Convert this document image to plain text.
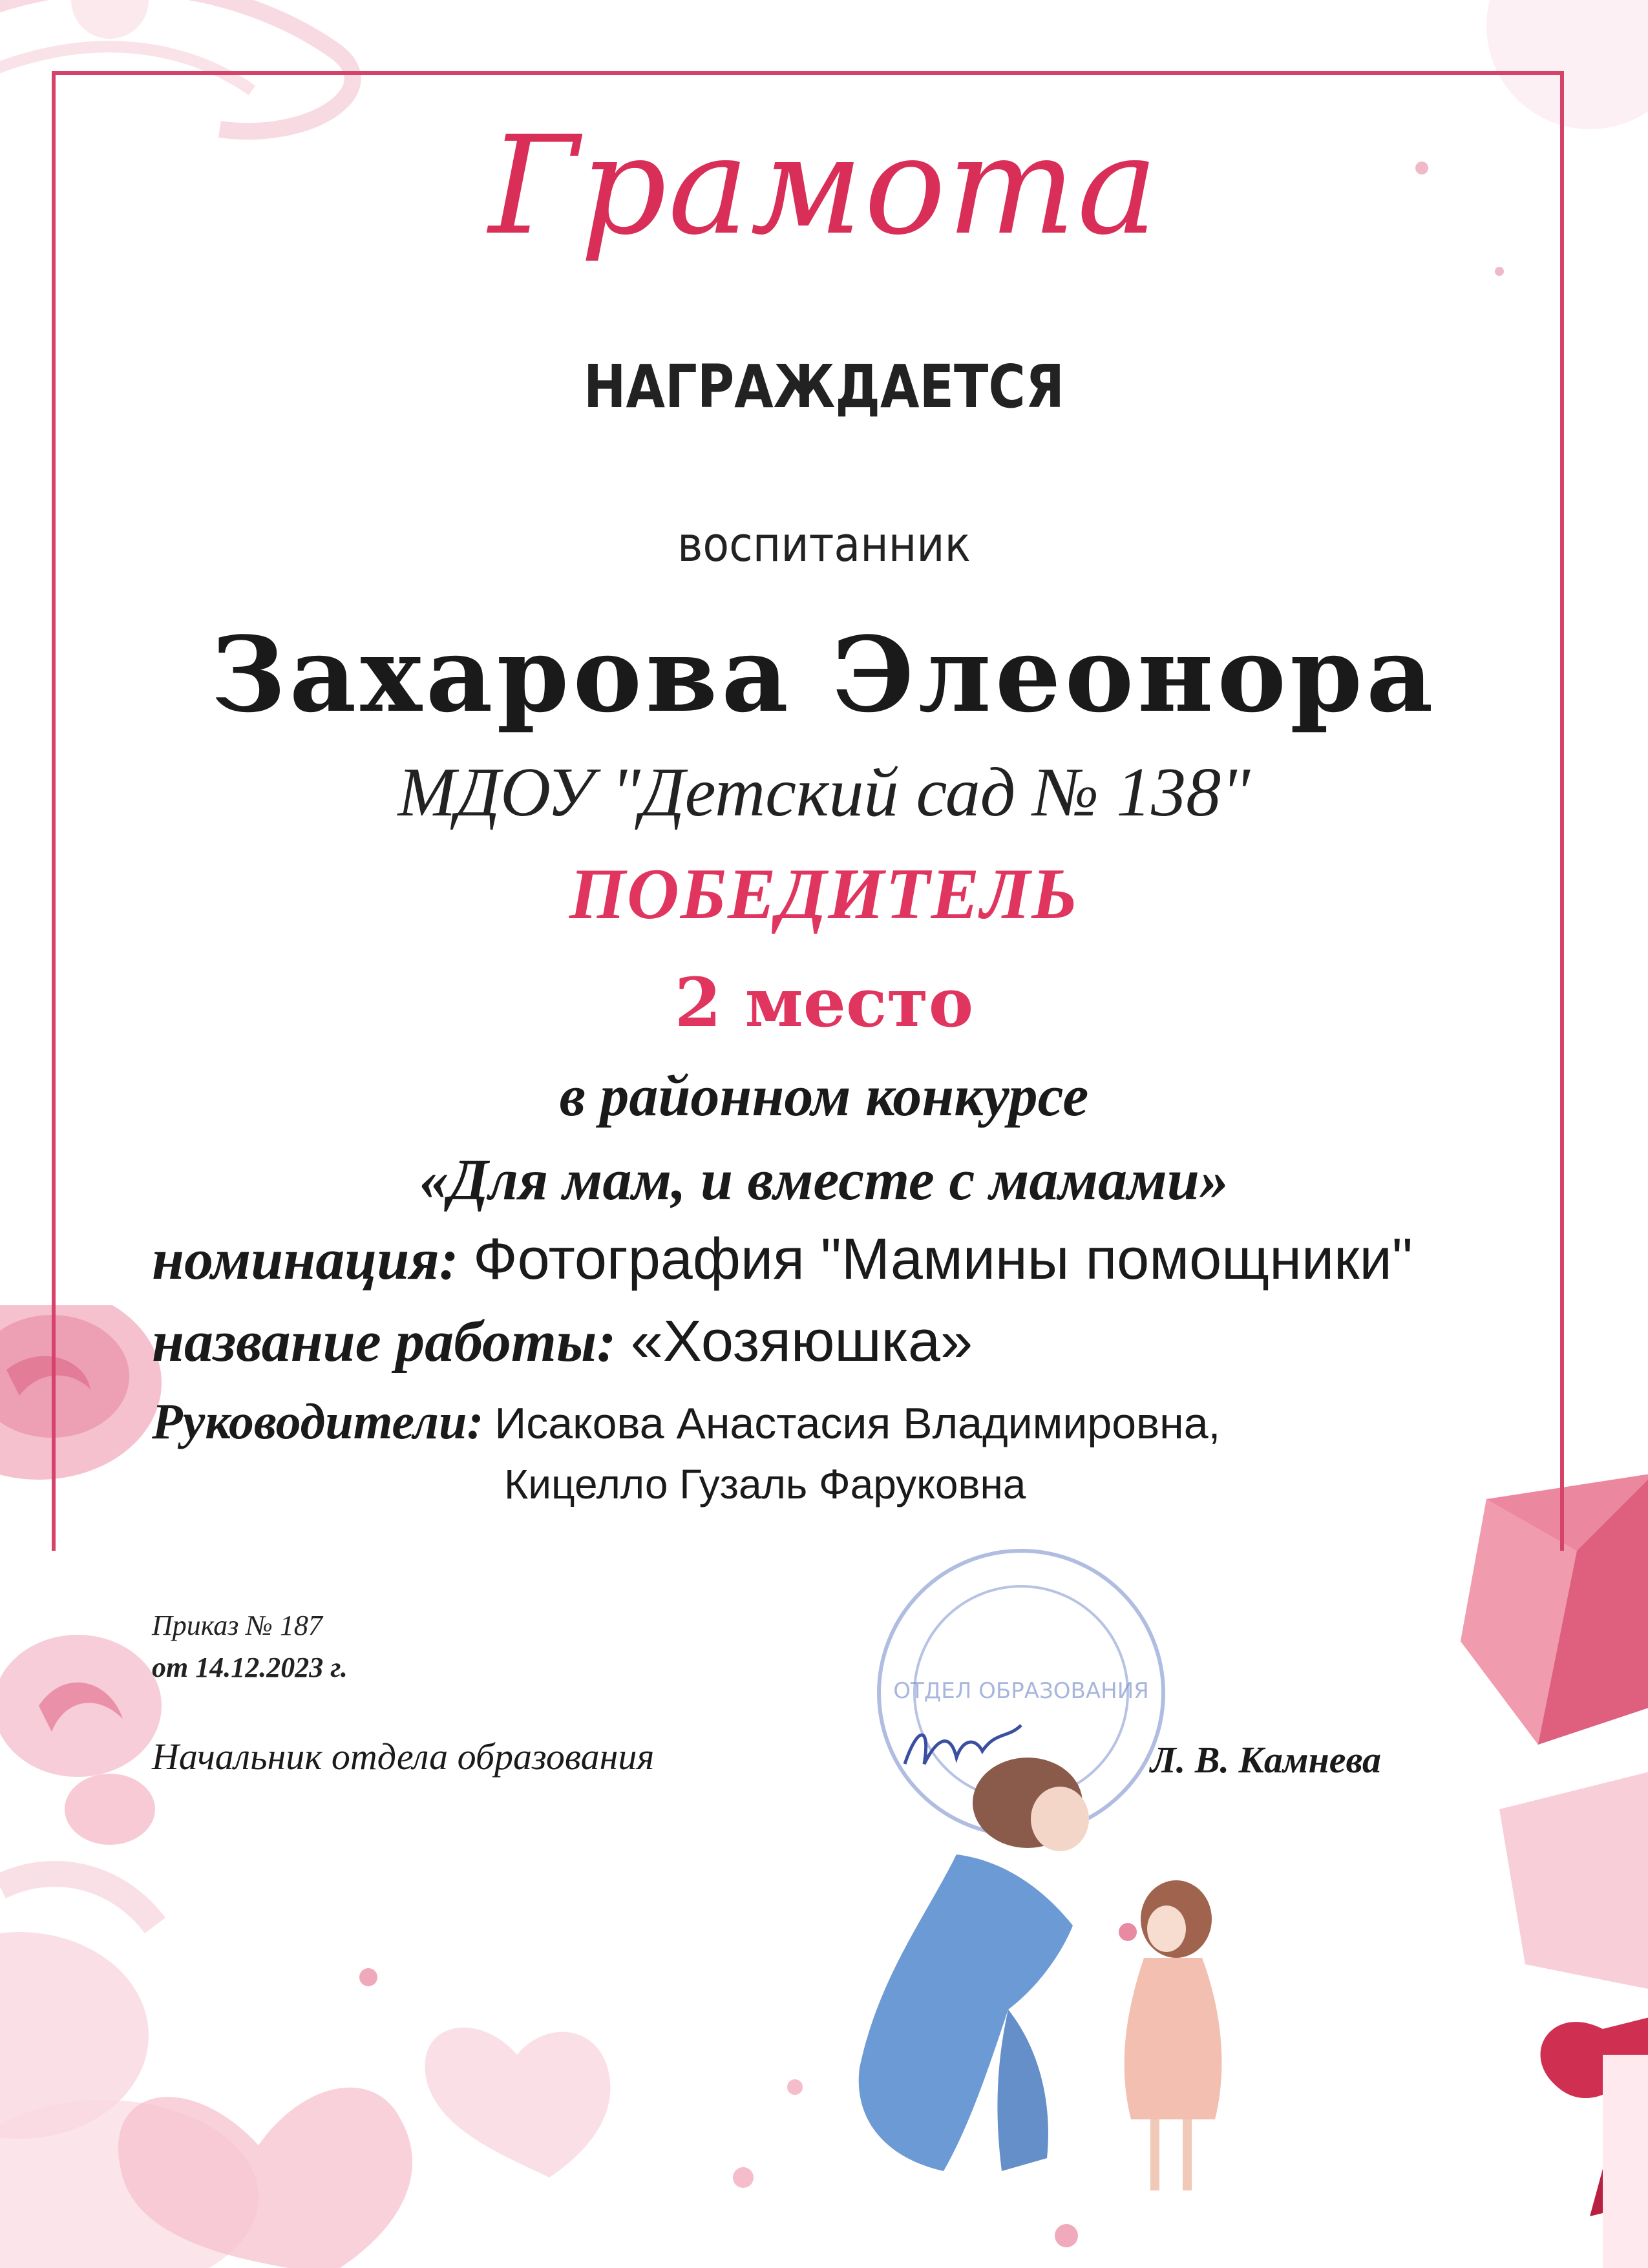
Грамота
НАГРАЖДАЕТСЯ
воспитанник
Захарова Элеонора
МДОУ "Детский сад № 138"
ПОБЕДИТЕЛЬ
2 место
в районном конкурсе
«Для мам, и вместе с мамами»
номинация: Фотография "Мамины помощники"
название работы: «Хозяюшка»
Руководители: Исакова Анастасия Владимировна,
Кицелло Гузаль Фаруковна
Приказ № 187
от 14.12.2023 г.
ОТДЕЛ ОБРАЗОВАНИЯ
Начальник отдела образования	Л. В. Камнева
